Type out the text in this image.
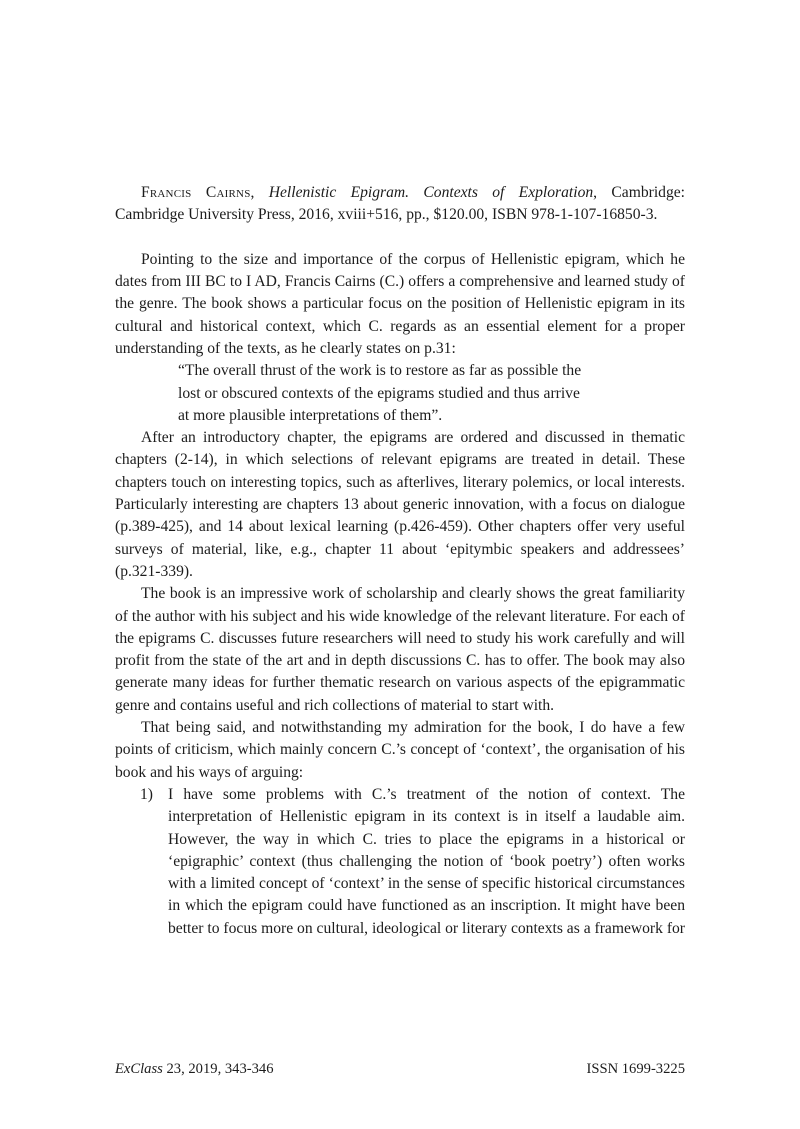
Francis Cairns, Hellenistic Epigram. Contexts of Exploration, Cambridge: Cambridge University Press, 2016, xviii+516, pp., $120.00, ISBN 978-1-107-16850-3.

Pointing to the size and importance of the corpus of Hellenistic epigram, which he dates from III BC to I AD, Francis Cairns (C.) offers a comprehensive and learned study of the genre. The book shows a particular focus on the position of Hellenistic epigram in its cultural and historical context, which C. regards as an essential element for a proper understanding of the texts, as he clearly states on p.31:

“The overall thrust of the work is to restore as far as possible the
lost or obscured contexts of the epigrams studied and thus arrive
at more plausible interpretations of them”.

After an introductory chapter, the epigrams are ordered and discussed in thematic chapters (2-14), in which selections of relevant epigrams are treated in detail. These chapters touch on interesting topics, such as afterlives, literary polemics, or local interests. Particularly interesting are chapters 13 about generic innovation, with a focus on dialogue (p.389-425), and 14 about lexical learning (p.426-459). Other chapters offer very useful surveys of material, like, e.g., chapter 11 about ‘epitymbic speakers and addressees’ (p.321-339).

The book is an impressive work of scholarship and clearly shows the great familiarity of the author with his subject and his wide knowledge of the relevant literature. For each of the epigrams C. discusses future researchers will need to study his work carefully and will profit from the state of the art and in depth discussions C. has to offer. The book may also generate many ideas for further thematic research on various aspects of the epigrammatic genre and contains useful and rich collections of material to start with.

That being said, and notwithstanding my admiration for the book, I do have a few points of criticism, which mainly concern C.’s concept of ‘context’, the organisation of his book and his ways of arguing:

1) I have some problems with C.’s treatment of the notion of context. The interpretation of Hellenistic epigram in its context is in itself a laudable aim. However, the way in which C. tries to place the epigrams in a historical or ‘epigraphic’ context (thus challenging the notion of ‘book poetry’) often works with a limited concept of ‘context’ in the sense of specific historical circumstances in which the epigram could have functioned as an inscription. It might have been better to focus more on cultural, ideological or literary contexts as a framework for
ExClass 23, 2019, 343-346	ISSN 1699-3225
